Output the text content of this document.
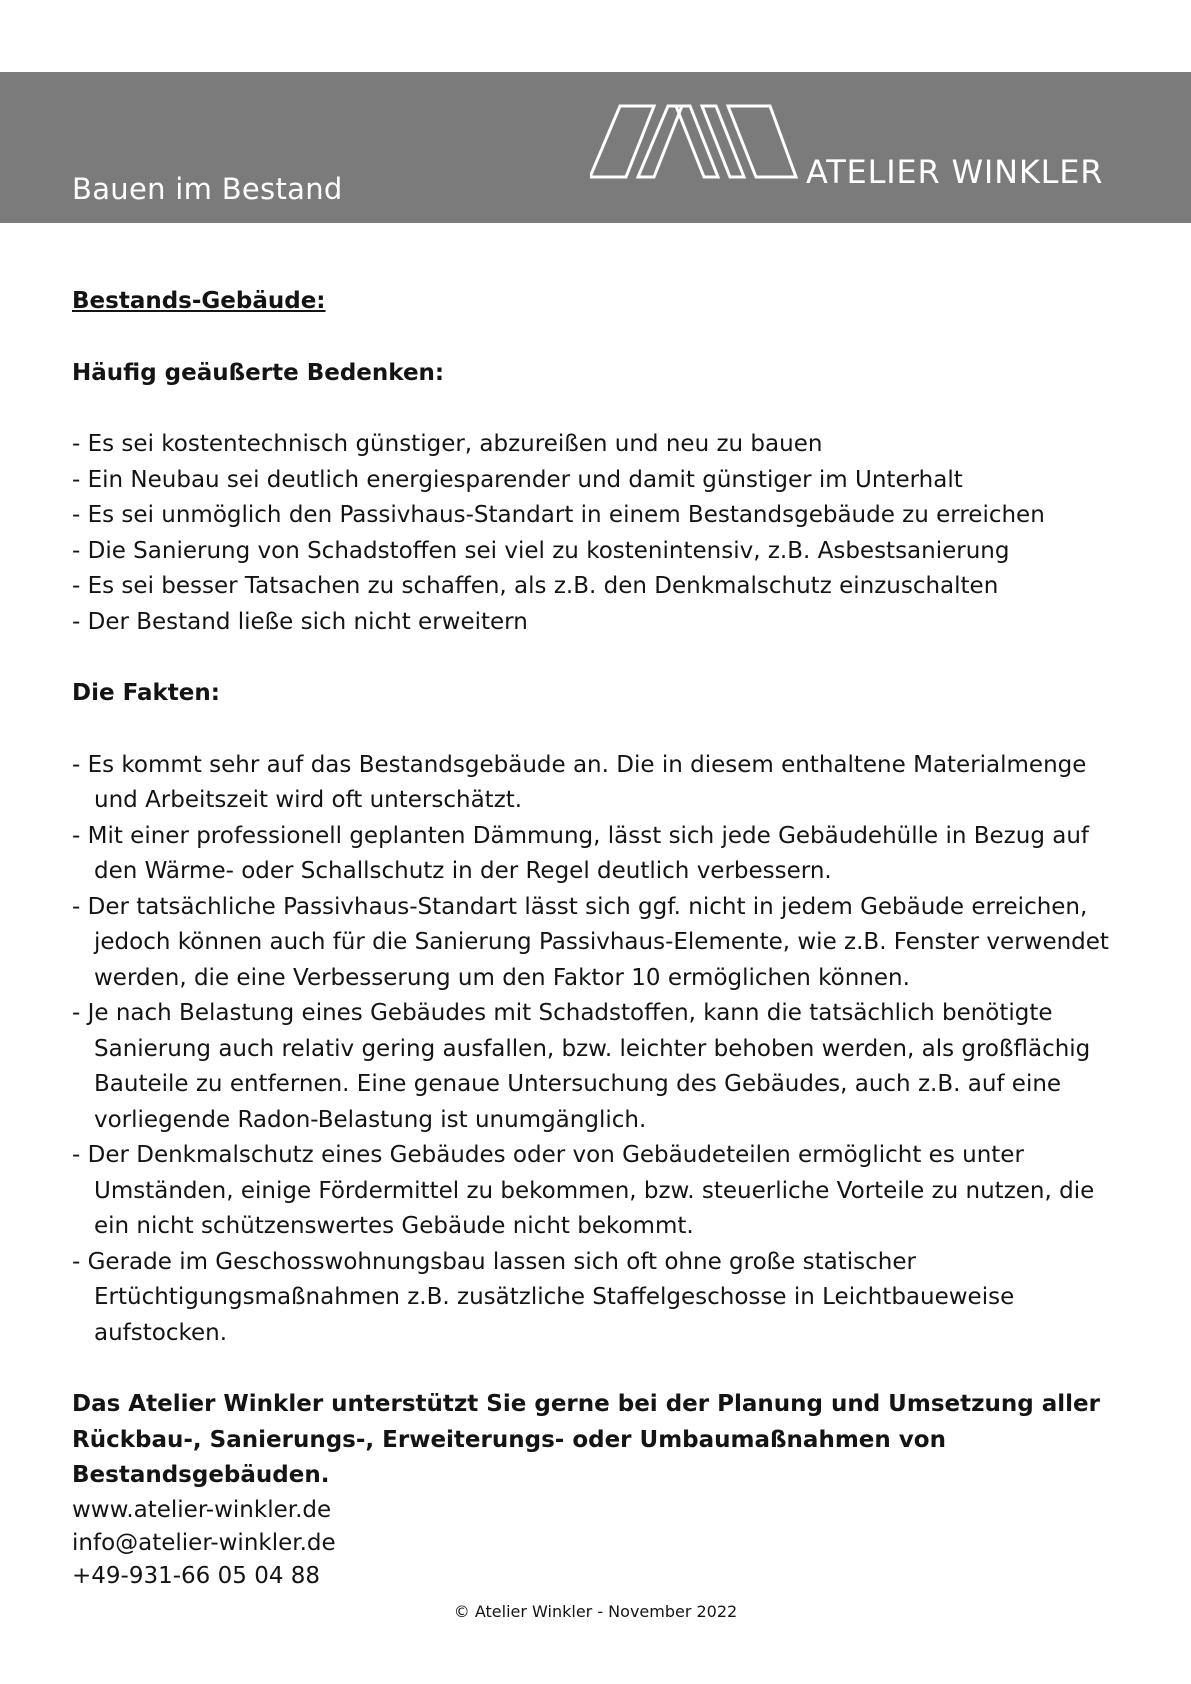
Bauen im Bestand	ATELIER WINKLER

Bestands-Gebäude:

Häufig geäußerte Bedenken:

- Es sei kostentechnisch günstiger, abzureißen und neu zu bauen
- Ein Neubau sei deutlich energiesparender und damit günstiger im Unterhalt
- Es sei unmöglich den Passivhaus-Standart in einem Bestandsgebäude zu erreichen
- Die Sanierung von Schadstoffen sei viel zu kostenintensiv, z.B. Asbestsanierung
- Es sei besser Tatsachen zu schaffen, als z.B. den Denkmalschutz einzuschalten
- Der Bestand ließe sich nicht erweitern

Die Fakten:

- Es kommt sehr auf das Bestandsgebäude an. Die in diesem enthaltene Materialmenge und Arbeitszeit wird oft unterschätzt.
- Mit einer professionell geplanten Dämmung, lässt sich jede Gebäudehülle in Bezug auf den Wärme- oder Schallschutz in der Regel deutlich verbessern.
- Der tatsächliche Passivhaus-Standart lässt sich ggf. nicht in jedem Gebäude erreichen, jedoch können auch für die Sanierung Passivhaus-Elemente, wie z.B. Fenster verwendet werden, die eine Verbesserung um den Faktor 10 ermöglichen können.
- Je nach Belastung eines Gebäudes mit Schadstoffen, kann die tatsächlich benötigte Sanierung auch relativ gering ausfallen, bzw. leichter behoben werden, als großflächig Bauteile zu entfernen. Eine genaue Untersuchung des Gebäudes, auch z.B. auf eine vorliegende Radon-Belastung ist unumgänglich.
- Der Denkmalschutz eines Gebäudes oder von Gebäudeteilen ermöglicht es unter Umständen, einige Fördermittel zu bekommen, bzw. steuerliche Vorteile zu nutzen, die ein nicht schützenswertes Gebäude nicht bekommt.
- Gerade im Geschosswohnungsbau lassen sich oft ohne große statischer Ertüchtigungsmaßnahmen z.B. zusätzliche Staffelgeschosse in Leichtbaueweise aufstocken.

Das Atelier Winkler unterstützt Sie gerne bei der Planung und Umsetzung aller Rückbau-, Sanierungs-, Erweiterungs- oder Umbaumaßnahmen von Bestandsgebäuden.

www.atelier-winkler.de
info@atelier-winkler.de
+49-931-66 05 04 88
© Atelier Winkler - November 2022
